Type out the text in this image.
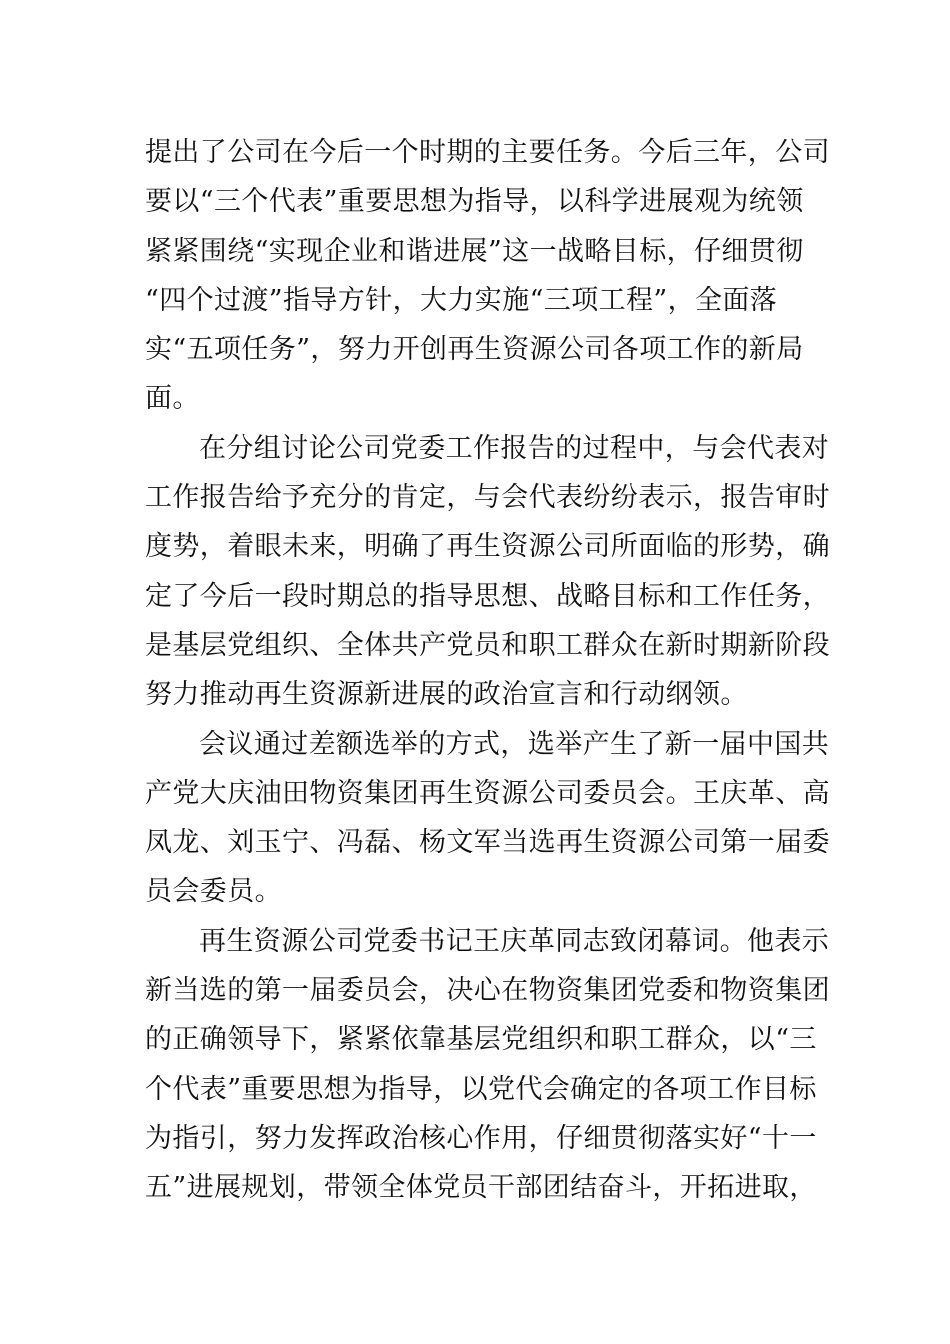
提出了公司在今后一个时期的主要任务。今后三年，公司
要以“三个代表”重要思想为指导，以科学进展观为统领
紧紧围绕“实现企业和谐进展”这一战略目标，仔细贯彻
“四个过渡”指导方针，大力实施“三项工程”，全面落
实“五项任务”，努力开创再生资源公司各项工作的新局
面。
在分组讨论公司党委工作报告的过程中，与会代表对
工作报告给予充分的肯定，与会代表纷纷表示，报告审时
度势，着眼未来，明确了再生资源公司所面临的形势，确
定了今后一段时期总的指导思想、战略目标和工作任务，
是基层党组织、全体共产党员和职工群众在新时期新阶段
努力推动再生资源新进展的政治宣言和行动纲领。
会议通过差额选举的方式，选举产生了新一届中国共
产党大庆油田物资集团再生资源公司委员会。王庆革、高
凤龙、刘玉宁、冯磊、杨文军当选再生资源公司第一届委
员会委员。
再生资源公司党委书记王庆革同志致闭幕词。他表示
新当选的第一届委员会，决心在物资集团党委和物资集团
的正确领导下，紧紧依靠基层党组织和职工群众，以“三
个代表”重要思想为指导，以党代会确定的各项工作目标
为指引，努力发挥政治核心作用，仔细贯彻落实好“十一
五”进展规划，带领全体党员干部团结奋斗，开拓进取，
